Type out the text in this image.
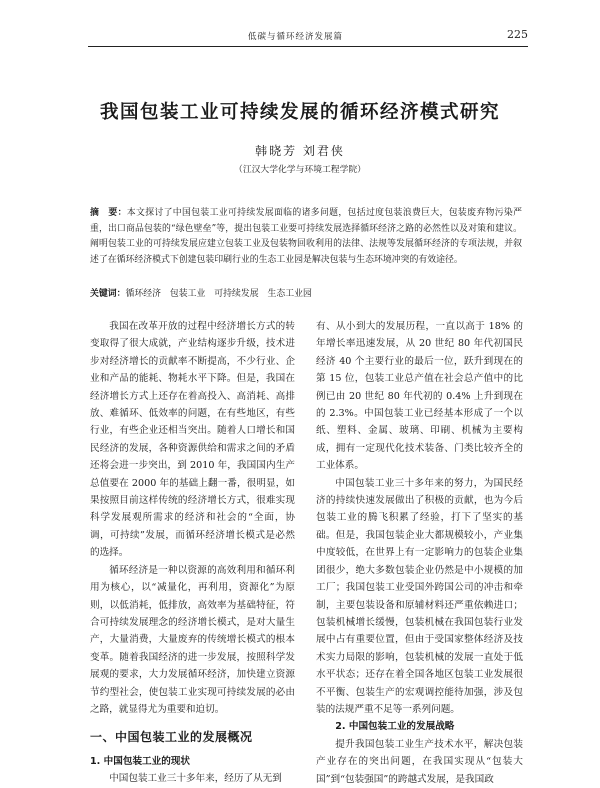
低碳与循环经济发展篇	225
我国包装工业可持续发展的循环经济模式研究
韩晓芳 刘君侠
（江汉大学化学与环境工程学院）
摘　要：本文探讨了中国包装工业可持续发展面临的诸多问题，包括过度包装浪费巨大，包装废弃物污染严重，出口商品包装的“绿色壁垒”等，提出包装工业要可持续发展选择循环经济之路的必然性以及对策和建议。阐明包装工业的可持续发展应建立包装工业及包装物回收利用的法律、法规等发展循环经济的专项法规，并叙述了在循环经济模式下创建包装印刷行业的生态工业园是解决包装与生态环境冲突的有效途径。
关键词：循环经济　包装工业　可持续发展　生态工业园

我国在改革开放的过程中经济增长方式的转变取得了很大成就，产业结构逐步升级，技术进步对经济增长的贡献率不断提高，不少行业、企业和产品的能耗、物耗水平下降。但是，我国在经济增长方式上还存在着高投入、高消耗、高排放、难循环、低效率的问题，在有些地区，有些行业，有些企业还相当突出。随着人口增长和国民经济的发展，各种资源供给和需求之间的矛盾还将会进一步突出，到 2010 年，我国国内生产总值要在 2000 年的基础上翻一番，很明显，如果按照目前这样传统的经济增长方式，很难实现科学发展观所需求的经济和社会的“全面，协调，可持续”发展，而循环经济增长模式是必然的选择。

循环经济是一种以资源的高效利用和循环利用为核心，以“减量化，再利用，资源化”为原则，以低消耗，低排放，高效率为基础特征，符合可持续发展理念的经济增长模式，是对大量生产，大量消费，大量废弃的传统增长模式的根本变革。随着我国经济的进一步发展，按照科学发展观的要求，大力发展循环经济，加快建立资源节约型社会，使包装工业实现可持续发展的必由之路，就显得尤为重要和迫切。

一、中国包装工业的发展概况
1. 中国包装工业的现状

中国包装工业三十多年来，经历了从无到

有、从小到大的发展历程，一直以高于 18% 的年增长率迅速发展，从 20 世纪 80 年代初国民经济 40 个主要行业的最后一位，跃升到现在的第 15 位，包装工业总产值在社会总产值中的比例已由 20 世纪 80 年代初的 0.4% 上升到现在的 2.3%。中国包装工业已经基本形成了一个以纸、塑料、金属、玻璃、印刷、机械为主要构成，拥有一定现代化技术装备、门类比较齐全的工业体系。

中国包装工业三十多年来的努力，为国民经济的持续快速发展做出了积极的贡献，也为今后包装工业的腾飞积累了经验，打下了坚实的基础。但是，我国包装企业大都规模较小，产业集中度较低，在世界上有一定影响力的包装企业集团很少，绝大多数包装企业仍然是中小规模的加工厂；我国包装工业受国外跨国公司的冲击和牵制，主要包装设备和原辅材料还严重依赖进口；包装机械增长缓慢，包装机械在我国包装行业发展中占有重要位置，但由于受国家整体经济及技术实力局限的影响，包装机械的发展一直处于低水平状态；还存在着全国各地区包装工业发展很不平衡、包装生产的宏观调控能待加强，涉及包装的法规严重不足等一系列问题。

2. 中国包装工业的发展战略

提升我国包装工业生产技术水平，解决包装产业存在的突出问题，在我国实现从“包装大国”到“包装强国”的跨越式发展，是我国政
